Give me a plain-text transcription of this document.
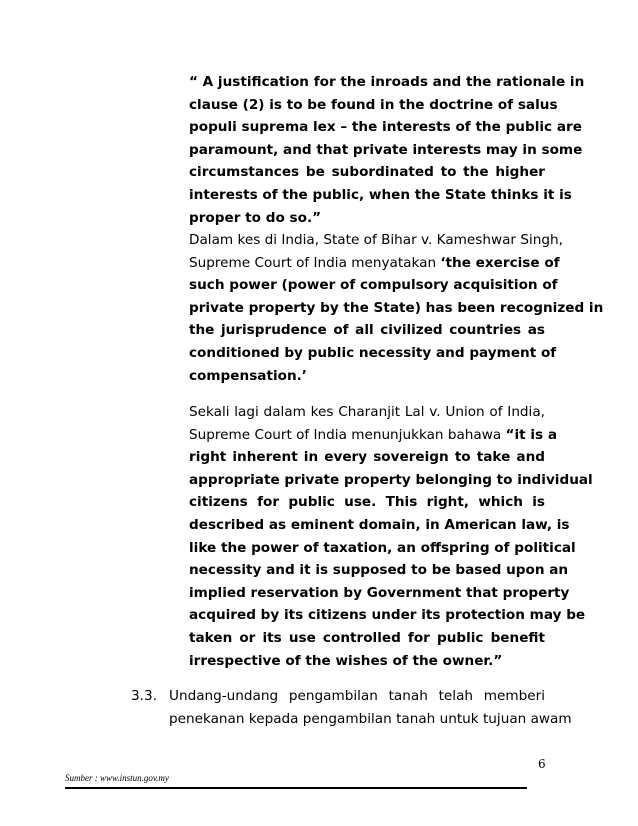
“ A justification for the inroads and the rationale in
clause (2) is to be found in the doctrine of salus
populi suprema lex – the interests of the public are
paramount, and that private interests may in some
circumstances be subordinated to the higher
interests of the public, when the State thinks it is
proper to do so.”
Dalam kes di India, State of Bihar v. Kameshwar Singh,
Supreme Court of India menyatakan ‘the exercise of
such power (power of compulsory acquisition of
private property by the State) has been recognized in
the jurisprudence of all civilized countries as
conditioned by public necessity and payment of
compensation.’
Sekali lagi dalam kes Charanjit Lal v. Union of India,
Supreme Court of India menunjukkan bahawa “it is a
right inherent in every sovereign to take and
appropriate private property belonging to individual
citizens for public use. This right, which is
described as eminent domain, in American law, is
like the power of taxation, an offspring of political
necessity and it is supposed to be based upon an
implied reservation by Government that property
acquired by its citizens under its protection may be
taken or its use controlled for public benefit
irrespective of the wishes of the owner.”
3.3. Undang-undang pengambilan tanah telah memberi
penekanan kepada pengambilan tanah untuk tujuan awam
6
Sumber : www.instun.gov.my
